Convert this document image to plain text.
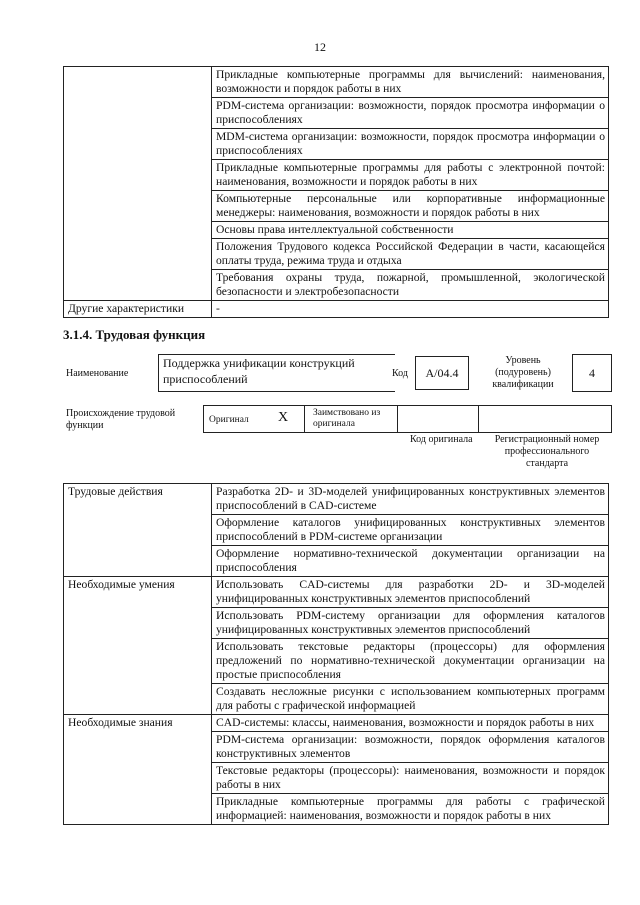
12
	Прикладные компьютерные программы для вычислений: наименования, возможности и порядок работы в них
	PDM-система организации: возможности, порядок просмотра информации о приспособлениях
	MDM-система организации: возможности, порядок просмотра информации о приспособлениях
	Прикладные компьютерные программы для работы с электронной почтой: наименования, возможности и порядок работы в них
	Компьютерные персональные или корпоративные информационные менеджеры: наименования, возможности и порядок работы в них
	Основы права интеллектуальной собственности
	Положения Трудового кодекса Российской Федерации в части, касающейся оплаты труда, режима труда и отдыха
	Требования охраны труда, пожарной, промышленной, экологической безопасности и электробезопасности
Другие характеристики	-
3.1.4. Трудовая функция
Наименование
Поддержка унификации конструкций приспособлений	Код	А/04.4
Уровень (подуровень) квалификации
4
Происхождение трудовой функции	Оригинал X	Заимствовано из оригинала
Код оригинала	Регистрационный номер профессионального стандарта
Трудовые действия	Разработка 2D- и 3D-моделей унифицированных конструктивных элементов приспособлений в CAD-системе
	Оформление каталогов унифицированных конструктивных элементов приспособлений в PDM-системе организации
	Оформление нормативно-технической документации организации на приспособления
Необходимые умения	Использовать CAD-системы для разработки 2D- и 3D-моделей унифицированных конструктивных элементов приспособлений
	Использовать PDM-систему организации для оформления каталогов унифицированных конструктивных элементов приспособлений
	Использовать текстовые редакторы (процессоры) для оформления предложений по нормативно-технической документации организации на простые приспособления
	Создавать несложные рисунки с использованием компьютерных программ для работы с графической информацией
Необходимые знания	CAD-системы: классы, наименования, возможности и порядок работы в них
	PDM-система организации: возможности, порядок оформления каталогов конструктивных элементов
	Текстовые редакторы (процессоры): наименования, возможности и порядок работы в них
	Прикладные компьютерные программы для работы с графической информацией: наименования, возможности и порядок работы в них
